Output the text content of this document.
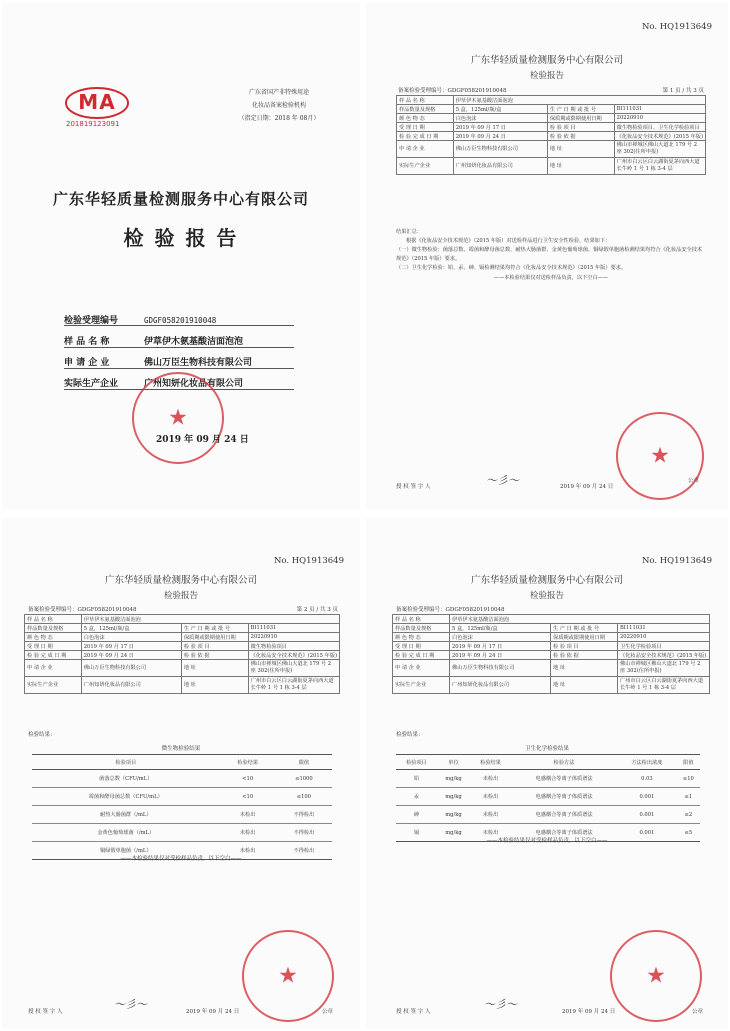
MA
201819123091
广东省国产非特殊用途
化妆品备案检验机构
（指定日期：2018 年 08月）
广东华轻质量检测服务中心有限公司
检 验 报 告
检验受理编号	GDGF058201910048
样 品 名 称	伊草伊木氨基酸洁面泡泡
申 请 企 业	佛山万臣生物科技有限公司
实际生产企业	广州知妍化妆品有限公司
★
2019 年 09 月 24 日
No. HQ1913649
广东华轻质量检测服务中心有限公司
检验报告
备案检验受理编号：GDGF058201910048	第 1 页 / 共 3 页
样 品 名 称	伊草伊木氨基酸洁面泡泡		
样品数量及规格	5 盒，125ml/瓶/盒	生 产 日 期 或 批 号	BI111031
颜 色 物 态	白色泡沫	保质期或限期使用日期	20220910
受 理 日 期	2019 年 09 月 17 日	检 验 项 目	微生物检验项目、卫生化学检验项目
检 验 完 成 日 期	2019 年 09 月 24 日	检 验 依 据	《化妆品安全技术规范》(2015 年版)
申 请 企 业	佛山万臣生物科技有限公司	地 址	佛山市禅城区佛山大道北 179 号 2 座 302(住所申报)
实际生产企业	广州知妍化妆品有限公司	地 址	广州市白云区白云湖街夏茅向西大道长牛岭 1 号 1 栋 3-4 层
结果汇总：
根据《化妆品安全技术规范》（2015 年版）对送检样品进行卫生安全性检验，结果如下：
（一）微生物检验：菌落总数、霉菌和酵母菌总数、耐热大肠菌群、金黄色葡萄球菌、铜绿假单胞菌检测结果均符合《化妆品安全技术规范》（2015 年版）要求。
（二）卫生化学检验：铅、汞、砷、镉检测结果均符合《化妆品安全技术规范》（2015 年版）要求。
——本检验结果仅对送检样品负责，以下空白——
★
授 权 签 字 人	〜彡〜	2019 年 09 月 24 日
公章
No. HQ1913649
广东华轻质量检测服务中心有限公司
检验报告
备案检验受理编号：GDGF058201910048	第 2 页 / 共 3 页
样 品 名 称	伊草伊木氨基酸洁面泡泡		
样品数量及规格	5 盒，125ml/瓶/盒	生 产 日 期 或 批 号	BI111031
颜 色 物 态	白色泡沫	保质期或限期使用日期	20220910
受 理 日 期	2019 年 09 月 17 日	检 验 项 目	微生物检验项目
检 验 完 成 日 期	2019 年 09 月 24 日	检 验 依 据	《化妆品安全技术规范》(2015 年版)
申 请 企 业	佛山万臣生物科技有限公司	地 址	佛山市禅城区佛山大道北 179 号 2 座 302(住所申报)
实际生产企业	广州知妍化妆品有限公司	地 址	广州市白云区白云湖街夏茅向西大道长牛岭 1 号 1 栋 3-4 层
检验结果：
微生物检验结果
检验项目	检验结果	限值
菌落总数（CFU/mL）	<10	≤1000
霉菌和酵母菌总数（CFU/mL）	<10	≤100
耐热大肠菌群（/mL）	未检出	不得检出
金黄色葡萄球菌（/mL）	未检出	不得检出
铜绿假单胞菌（/mL）	未检出	不得检出
——本检验结果仅对受检样品负责，以下空白——
★
授 权 签 字 人
〜彡〜
2019 年 09 月 24 日	公章
No. HQ1913649
广东华轻质量检测服务中心有限公司
检验报告
备案检验受理编号：GDGF058201910048
样 品 名 称	伊草伊木氨基酸洁面泡泡		
样品数量及规格	5 盒，125ml/瓶/盒	生 产 日 期 或 批 号	BI111031
颜 色 物 态	白色泡沫	保质期或限期使用日期	20220910
受 理 日 期	2019 年 09 月 17 日	检 验 项 目	卫生化学检验项目
检 验 完 成 日 期	2019 年 09 月 24 日	检 验 依 据	《化妆品安全技术规范》(2015 年版)
申 请 企 业	佛山万臣生物科技有限公司	地 址	佛山市禅城区佛山大道北 179 号 2 座 302(住所申报)
实际生产企业	广州知妍化妆品有限公司	地 址	广州市白云区白云湖街夏茅向西大道长牛岭 1 号 1 栋 3-4 层
检验结果：
卫生化学检验结果
检验项目	单位	检验结果	检验方法	方法检出浓度	限值
铅	mg/kg	未检出	电感耦合等离子体质谱法	0.03	≤10
汞	mg/kg	未检出	电感耦合等离子体质谱法	0.001	≤1
砷	mg/kg	未检出	电感耦合等离子体质谱法	0.001	≤2
镉	mg/kg	未检出	电感耦合等离子体质谱法	0.001	≤5
——本检验结果仅对受检样品负责，以下空白——
★
授 权 签 字 人
〜彡〜
2019 年 09 月 24 日	公章
